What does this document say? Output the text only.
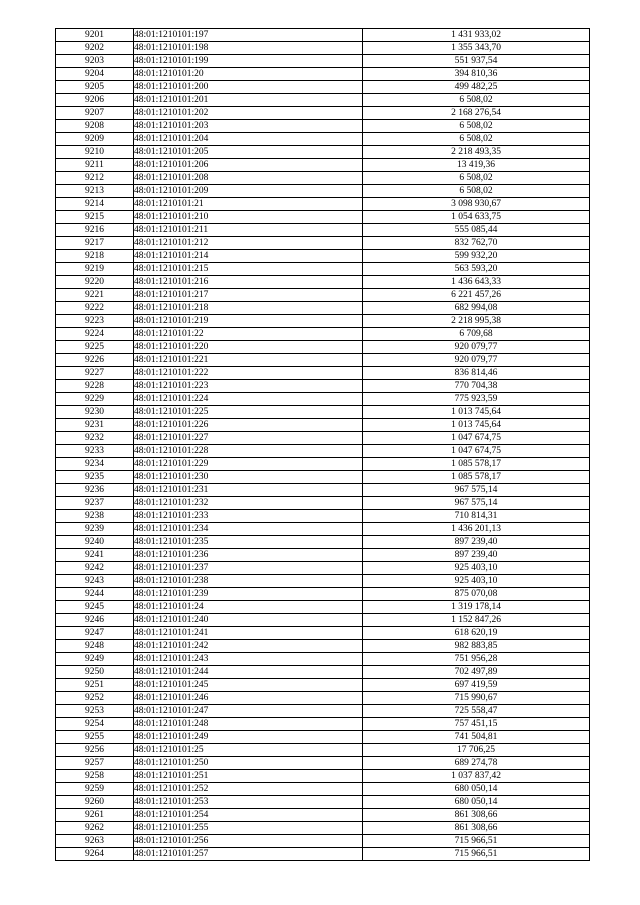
9201	48:01:1210101:197	1 431 933,02
9202	48:01:1210101:198	1 355 343,70
9203	48:01:1210101:199	551 937,54
9204	48:01:1210101:20	394 810,36
9205	48:01:1210101:200	499 482,25
9206	48:01:1210101:201	6 508,02
9207	48:01:1210101:202	2 168 276,54
9208	48:01:1210101:203	6 508,02
9209	48:01:1210101:204	6 508,02
9210	48:01:1210101:205	2 218 493,35
9211	48:01:1210101:206	13 419,36
9212	48:01:1210101:208	6 508,02
9213	48:01:1210101:209	6 508,02
9214	48:01:1210101:21	3 098 930,67
9215	48:01:1210101:210	1 054 633,75
9216	48:01:1210101:211	555 085,44
9217	48:01:1210101:212	832 762,70
9218	48:01:1210101:214	599 932,20
9219	48:01:1210101:215	563 593,20
9220	48:01:1210101:216	1 436 643,33
9221	48:01:1210101:217	6 221 457,26
9222	48:01:1210101:218	682 994,08
9223	48:01:1210101:219	2 218 995,38
9224	48:01:1210101:22	6 709,68
9225	48:01:1210101:220	920 079,77
9226	48:01:1210101:221	920 079,77
9227	48:01:1210101:222	836 814,46
9228	48:01:1210101:223	770 704,38
9229	48:01:1210101:224	775 923,59
9230	48:01:1210101:225	1 013 745,64
9231	48:01:1210101:226	1 013 745,64
9232	48:01:1210101:227	1 047 674,75
9233	48:01:1210101:228	1 047 674,75
9234	48:01:1210101:229	1 085 578,17
9235	48:01:1210101:230	1 085 578,17
9236	48:01:1210101:231	967 575,14
9237	48:01:1210101:232	967 575,14
9238	48:01:1210101:233	710 814,31
9239	48:01:1210101:234	1 436 201,13
9240	48:01:1210101:235	897 239,40
9241	48:01:1210101:236	897 239,40
9242	48:01:1210101:237	925 403,10
9243	48:01:1210101:238	925 403,10
9244	48:01:1210101:239	875 070,08
9245	48:01:1210101:24	1 319 178,14
9246	48:01:1210101:240	1 152 847,26
9247	48:01:1210101:241	618 620,19
9248	48:01:1210101:242	982 883,85
9249	48:01:1210101:243	751 956,28
9250	48:01:1210101:244	702 497,89
9251	48:01:1210101:245	697 419,59
9252	48:01:1210101:246	715 990,67
9253	48:01:1210101:247	725 558,47
9254	48:01:1210101:248	757 451,15
9255	48:01:1210101:249	741 504,81
9256	48:01:1210101:25	17 706,25
9257	48:01:1210101:250	689 274,78
9258	48:01:1210101:251	1 037 837,42
9259	48:01:1210101:252	680 050,14
9260	48:01:1210101:253	680 050,14
9261	48:01:1210101:254	861 308,66
9262	48:01:1210101:255	861 308,66
9263	48:01:1210101:256	715 966,51
9264	48:01:1210101:257	715 966,51
